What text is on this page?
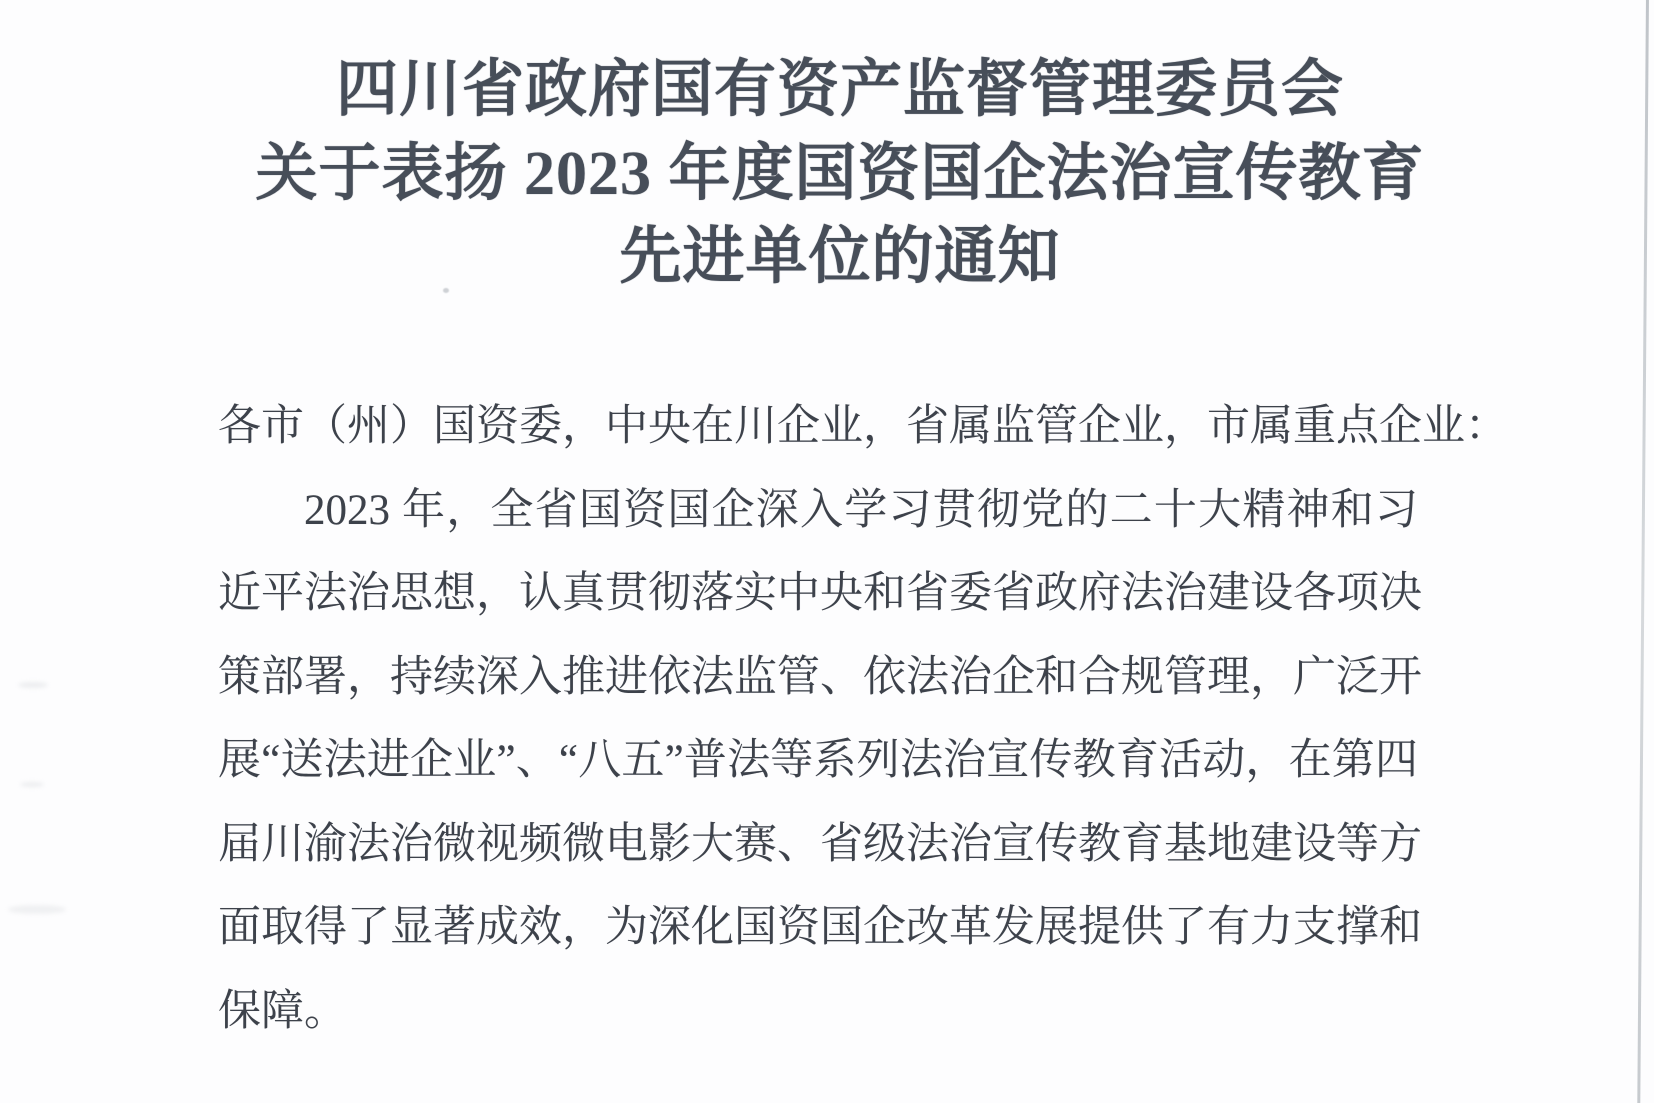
四川省政府国有资产监督管理委员会
关于表扬 2023 年度国资国企法治宣传教育
先进单位的通知
各市（州）国资委，中央在川企业，省属监管企业，市属重点企业：
2023 年，全省国资国企深入学习贯彻党的二十大精神和习
近平法治思想，认真贯彻落实中央和省委省政府法治建设各项决
策部署，持续深入推进依法监管、依法治企和合规管理，广泛开
展“送法进企业”、“八五”普法等系列法治宣传教育活动，在第四
届川渝法治微视频微电影大赛、省级法治宣传教育基地建设等方
面取得了显著成效，为深化国资国企改革发展提供了有力支撑和
保障。
